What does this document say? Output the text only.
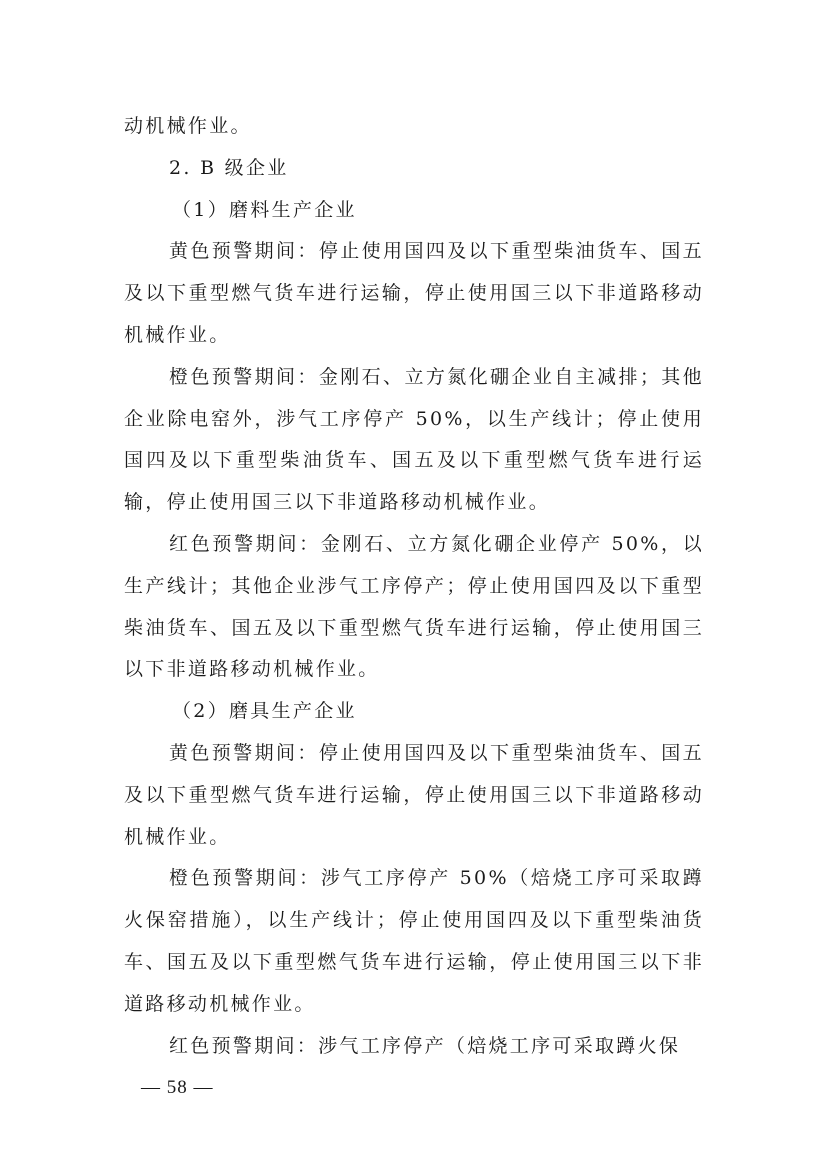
动机械作业。

2. B 级企业

（1）磨料生产企业

黄色预警期间：停止使用国四及以下重型柴油货车、国五及以下重型燃气货车进行运输，停止使用国三以下非道路移动机械作业。

橙色预警期间：金刚石、立方氮化硼企业自主减排；其他企业除电窑外，涉气工序停产 50%，以生产线计；停止使用国四及以下重型柴油货车、国五及以下重型燃气货车进行运输，停止使用国三以下非道路移动机械作业。

红色预警期间：金刚石、立方氮化硼企业停产 50%，以生产线计；其他企业涉气工序停产；停止使用国四及以下重型柴油货车、国五及以下重型燃气货车进行运输，停止使用国三以下非道路移动机械作业。

（2）磨具生产企业

黄色预警期间：停止使用国四及以下重型柴油货车、国五及以下重型燃气货车进行运输，停止使用国三以下非道路移动机械作业。

橙色预警期间：涉气工序停产 50%（焙烧工序可采取蹲火保窑措施），以生产线计；停止使用国四及以下重型柴油货车、国五及以下重型燃气货车进行运输，停止使用国三以下非道路移动机械作业。

红色预警期间：涉气工序停产（焙烧工序可采取蹲火保

— 58 —
